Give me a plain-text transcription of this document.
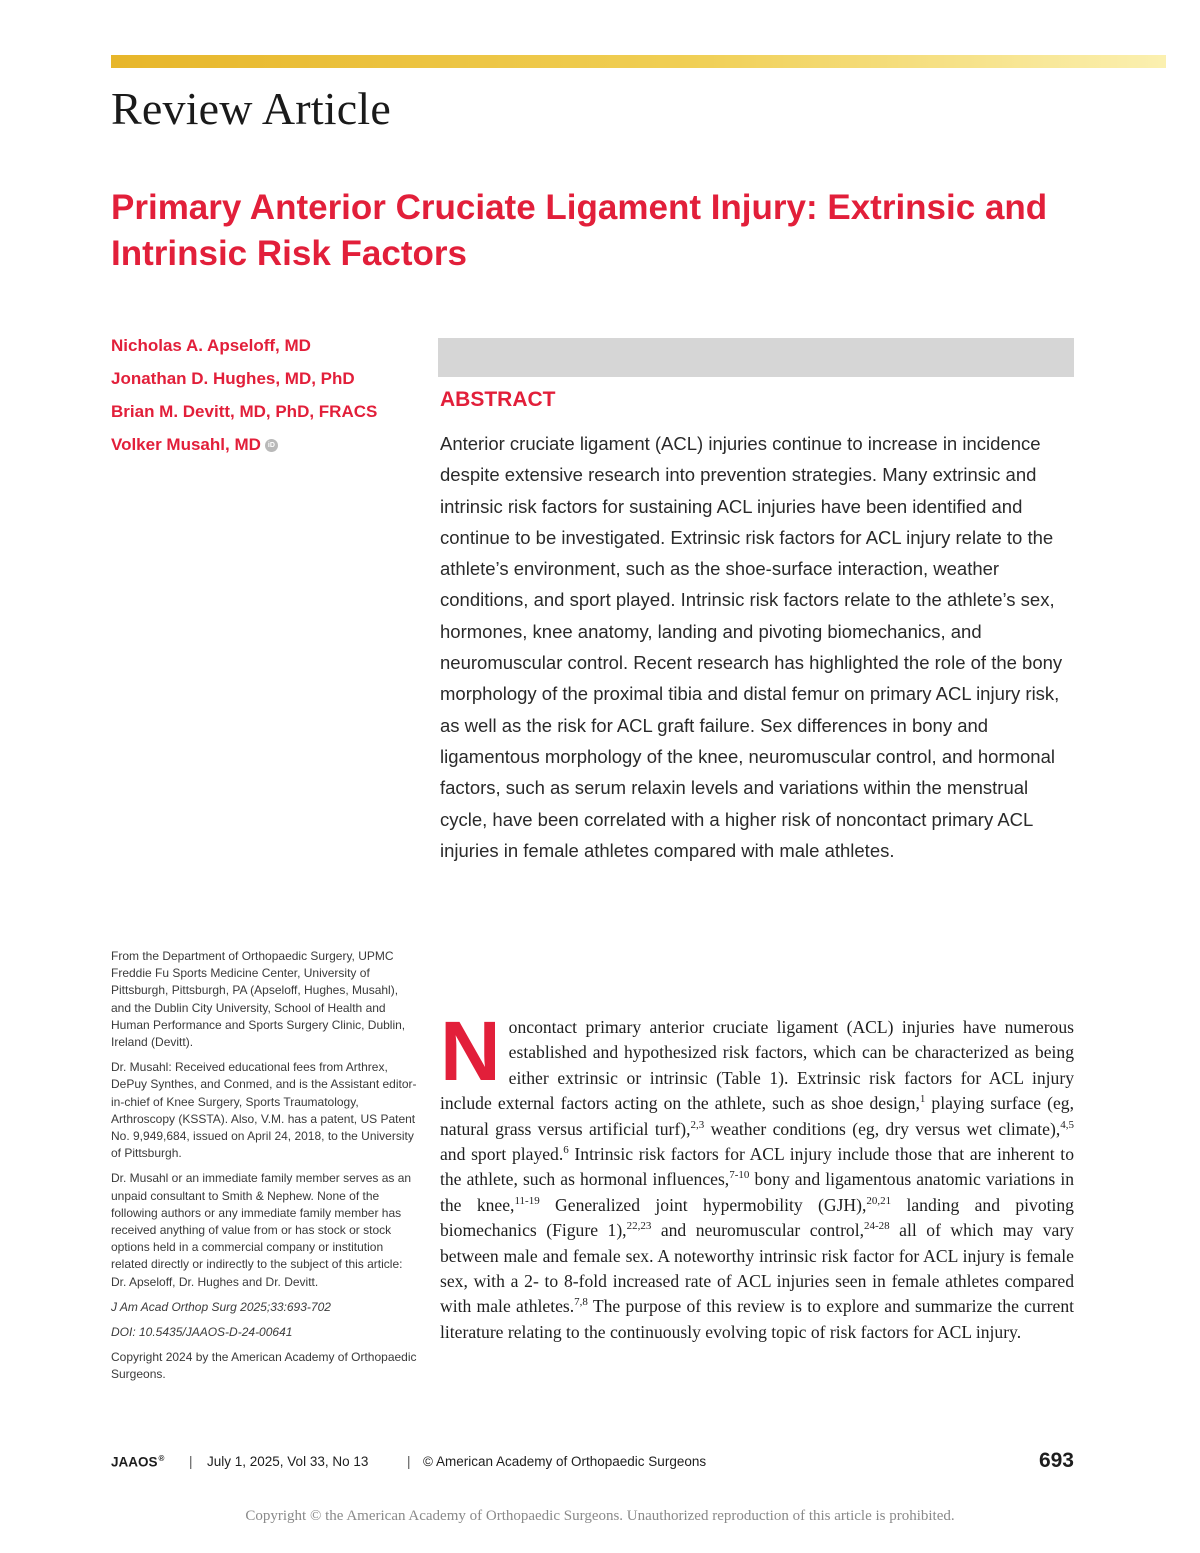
Review Article
Primary Anterior Cruciate Ligament Injury: Extrinsic and Intrinsic Risk Factors
Nicholas A. Apseloff, MD
Jonathan D. Hughes, MD, PhD
Brian M. Devitt, MD, PhD, FRACS
Volker Musahl, MD iD
ABSTRACT

Anterior cruciate ligament (ACL) injuries continue to increase in incidence despite extensive research into prevention strategies. Many extrinsic and intrinsic risk factors for sustaining ACL injuries have been identified and continue to be investigated. Extrinsic risk factors for ACL injury relate to the athlete’s environment, such as the shoe-surface interaction, weather conditions, and sport played. Intrinsic risk factors relate to the athlete’s sex, hormones, knee anatomy, landing and pivoting biomechanics, and neuromuscular control. Recent research has highlighted the role of the bony morphology of the proximal tibia and distal femur on primary ACL injury risk, as well as the risk for ACL graft failure. Sex differences in bony and ligamentous morphology of the knee, neuromuscular control, and hormonal factors, such as serum relaxin levels and variations within the menstrual cycle, have been correlated with a higher risk of noncontact primary ACL injuries in female athletes compared with male athletes.

From the Department of Orthopaedic Surgery, UPMC Freddie Fu Sports Medicine Center, University of Pittsburgh, Pittsburgh, PA (Apseloff, Hughes, Musahl), and the Dublin City University, School of Health and Human Performance and Sports Surgery Clinic, Dublin, Ireland (Devitt).

Dr. Musahl: Received educational fees from Arthrex, DePuy Synthes, and Conmed, and is the Assistant editor-in-chief of Knee Surgery, Sports Traumatology, Arthroscopy (KSSTA). Also, V.M. has a patent, US Patent No. 9,949,684, issued on April 24, 2018, to the University of Pittsburgh.

Dr. Musahl or an immediate family member serves as an unpaid consultant to Smith & Nephew. None of the following authors or any immediate family member has received anything of value from or has stock or stock options held in a commercial company or institution related directly or indirectly to the subject of this article: Dr. Apseloff, Dr. Hughes and Dr. Devitt.

J Am Acad Orthop Surg 2025;33:693-702

DOI: 10.5435/JAAOS-D-24-00641

Copyright 2024 by the American Academy of Orthopaedic Surgeons.

Noncontact primary anterior cruciate ligament (ACL) injuries have numerous established and hypothesized risk factors, which can be characterized as being either extrinsic or intrinsic (Table 1). Extrinsic risk factors for ACL injury include external factors acting on the athlete, such as shoe design,$^1$ playing surface (eg, natural grass versus artificial turf),$^{2,3}$ weather conditions (eg, dry versus wet climate),$^{4,5}$ and sport played.$^6$ Intrinsic risk factors for ACL injury include those that are inherent to the athlete, such as hormonal influences,$^{7-10}$ bony and ligamentous anatomic variations in the knee,$^{11-19}$ Generalized joint hypermobility (GJH),$^{20,21}$ landing and pivoting biomechanics (Figure 1),$^{22,23}$ and neuromuscular control,$^{24-28}$ all of which may vary between male and female sex. A noteworthy intrinsic risk factor for ACL injury is female sex, with a 2- to 8-fold increased rate of ACL injuries seen in female athletes compared with male athletes.$^{7,8}$ The purpose of this review is to explore and summarize the current literature relating to the continuously evolving topic of risk factors for ACL injury.

JAAOS® | July 1, 2025, Vol 33, No 13	| © American Academy of Orthopaedic Surgeons	693
Copyright © the American Academy of Orthopaedic Surgeons. Unauthorized reproduction of this article is prohibited.
